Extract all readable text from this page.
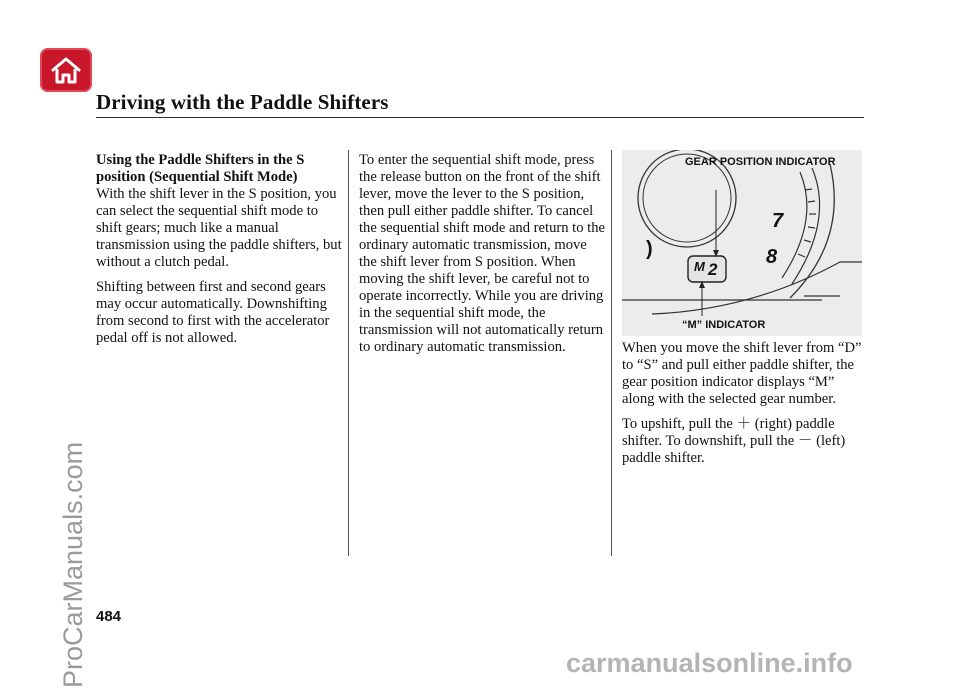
Driving with the Paddle Shifters

Using the Paddle Shifters in the S

position (Sequential Shift Mode)

With the shift lever in the S position, you can select the sequential shift mode to shift gears; much like a manual transmission using the paddle shifters, but without a clutch pedal.

Shifting between first and second gears may occur automatically. Downshifting from second to first with the accelerator pedal off is not allowed.

To enter the sequential shift mode, press the release button on the front of the shift lever, move the lever to the S position, then pull either paddle shifter. To cancel the sequential shift mode and return to the ordinary automatic transmission, move the shift lever from S position. When moving the shift lever, be careful not to operate incorrectly. While you are driving in the sequential shift mode, the transmission will not automatically return to ordinary automatic transmission.

GEAR POSITION INDICATOR
“M” INDICATOR
7
8
)
M 2

When you move the shift lever from “D” to “S” and pull either paddle shifter, the gear position indicator displays “M” along with the selected gear number.

To upshift, pull the ＋ (right) paddle shifter. To downshift, pull the － (left) paddle shifter.

484
ProCarManuals.com	carmanualsonline.info
